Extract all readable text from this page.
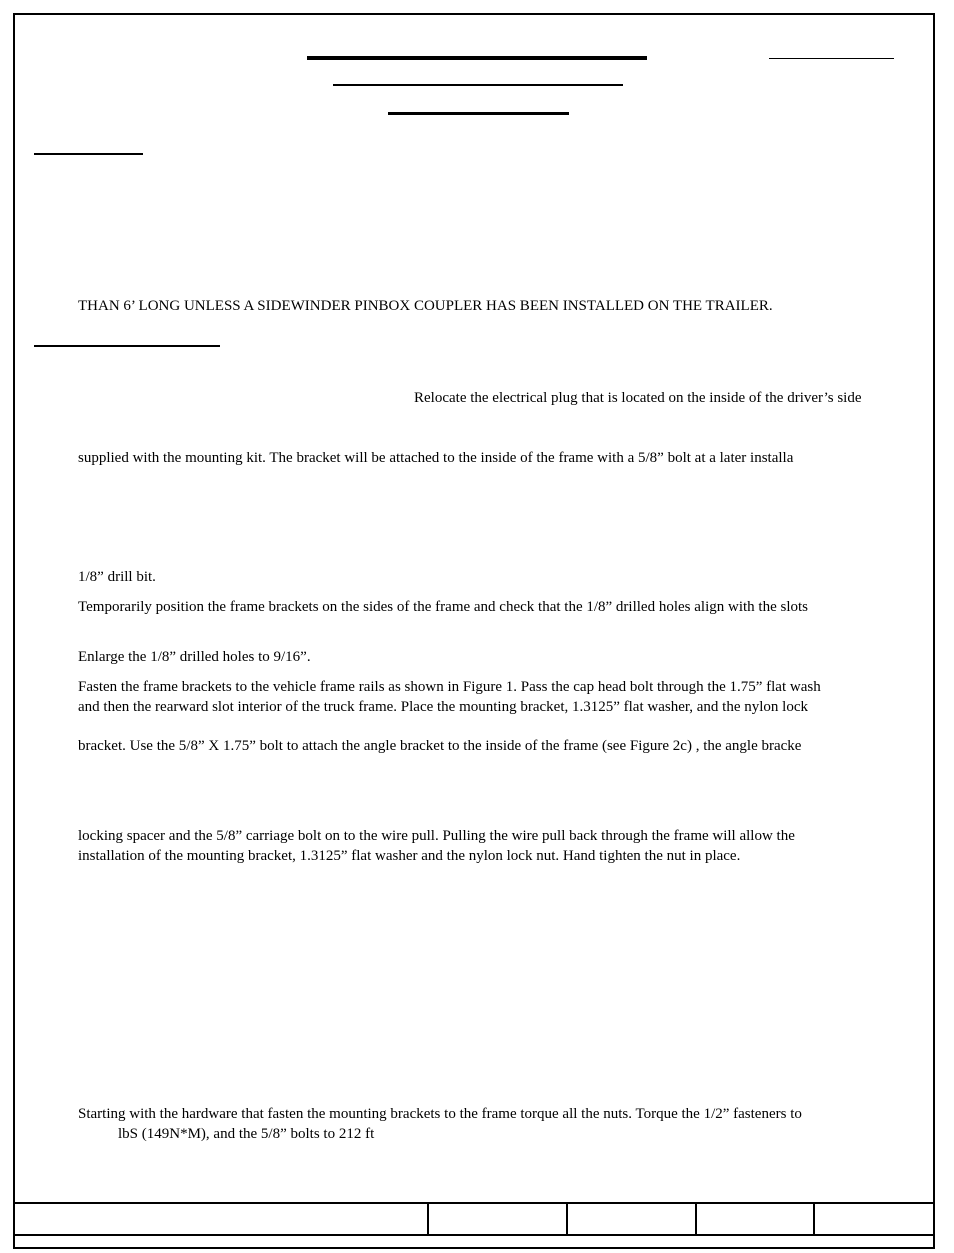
THAN 6’ LONG UNLESS A SIDEWINDER PINBOX COUPLER HAS BEEN INSTALLED ON THE TRAILER.
Relocate the electrical plug that is located on the inside of the driver’s side
supplied with the mounting kit. The bracket will be attached to the inside of the frame with a 5/8” bolt at a later installa
1/8” drill bit.
Temporarily position the frame brackets on the sides of the frame and check that the 1/8” drilled holes align with the slots
Enlarge the 1/8” drilled holes to 9/16”.
Fasten the frame brackets to the vehicle frame rails as shown in Figure 1. Pass the cap head bolt through the 1.75” flat wash
and then the rearward slot interior of the truck frame. Place the mounting bracket, 1.3125” flat washer, and the nylon lock
bracket. Use the 5/8” X 1.75” bolt to attach the angle bracket to the inside of the frame (see Figure 2c) , the angle bracke
locking spacer and the 5/8” carriage bolt on to the wire pull. Pulling the wire pull back through the frame will allow the
installation of the mounting bracket, 1.3125” flat washer and the nylon lock nut. Hand tighten the nut in place.
Starting with the hardware that fasten the mounting brackets to the frame torque all the nuts. Torque the 1/2” fasteners to
lbS (149N*M), and the 5/8” bolts to 212 ft
